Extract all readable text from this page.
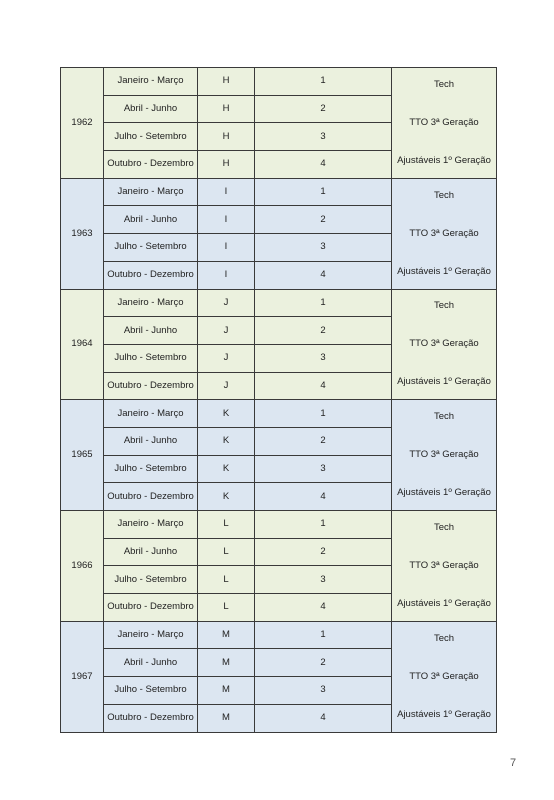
1962	Janeiro - Março	H	1	Tech
TTO 3ª Geração
Ajustáveis 1º Geração

	Abril - Junho	H	2	
	Julho - Setembro	H	3	
	Outubro - Dezembro	H	4	
1963	Janeiro - Março	I	1	Tech
TTO 3ª Geração
Ajustáveis 1º Geração

	Abril - Junho	I	2	
	Julho - Setembro	I	3	
	Outubro - Dezembro	I	4	
1964	Janeiro - Março	J	1	Tech
TTO 3ª Geração
Ajustáveis 1º Geração

	Abril - Junho	J	2	
	Julho - Setembro	J	3	
	Outubro - Dezembro	J	4	
1965	Janeiro - Março	K	1	Tech
TTO 3ª Geração
Ajustáveis 1º Geração

	Abril - Junho	K	2	
	Julho - Setembro	K	3	
	Outubro - Dezembro	K	4	
1966	Janeiro - Março	L	1	Tech
TTO 3ª Geração
Ajustáveis 1º Geração

	Abril - Junho	L	2	
	Julho - Setembro	L	3	
	Outubro - Dezembro	L	4	
1967	Janeiro - Março	M	1	Tech
TTO 3ª Geração
Ajustáveis 1º Geração

	Abril - Junho	M	2	
	Julho - Setembro	M	3	
	Outubro - Dezembro	M	4	
7
